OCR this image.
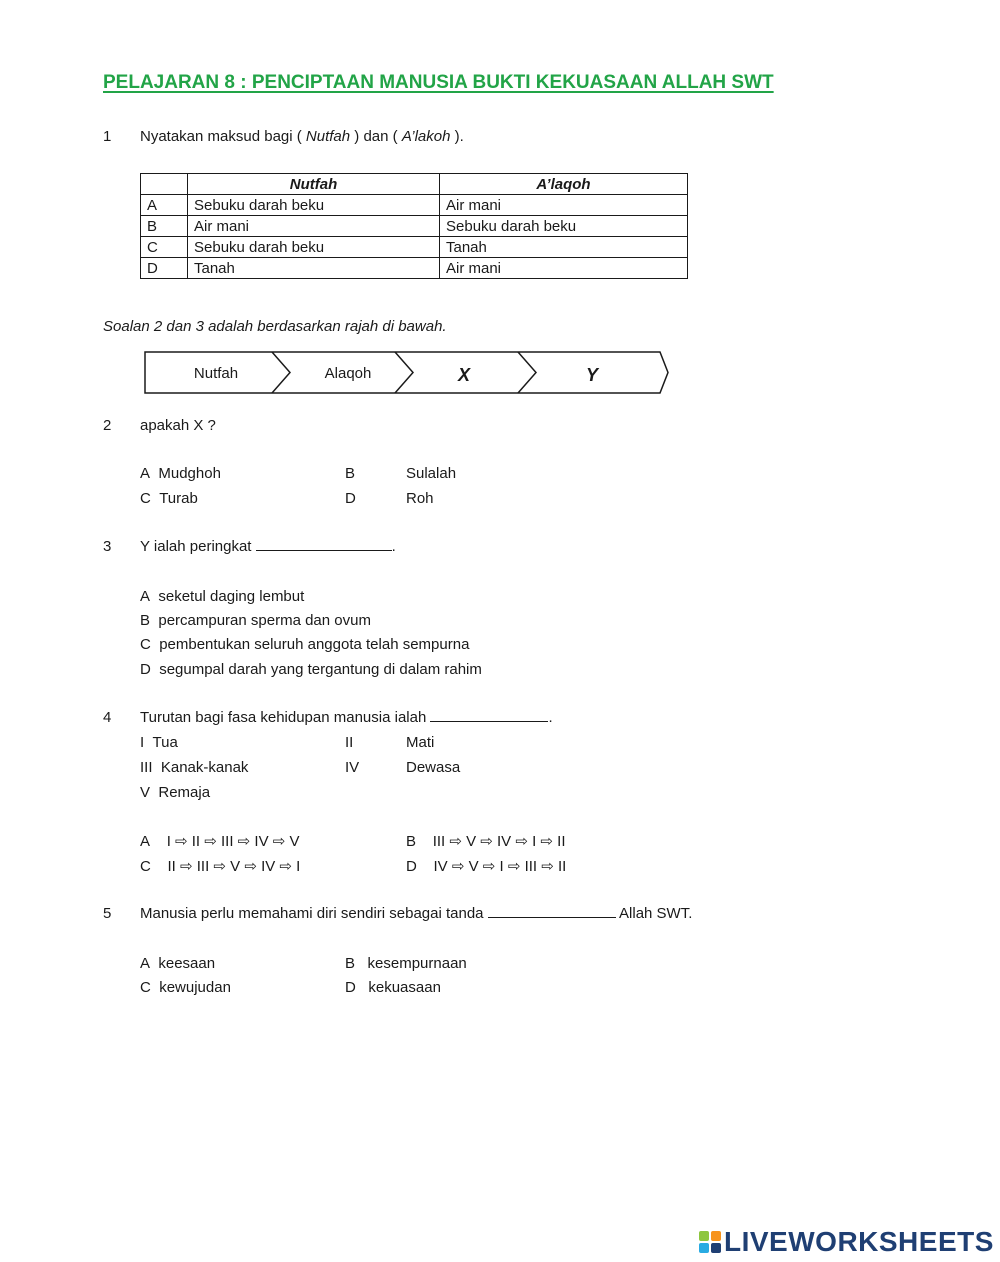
PELAJARAN 8 : PENCIPTAAN MANUSIA BUKTI KEKUASAAN ALLAH SWT
1 Nyatakan maksud bagi ( Nutfah ) dan ( A’lakoh ).
	Nutfah	A’laqoh
A	Sebuku darah beku	Air mani
B	Air mani	Sebuku darah beku
C	Sebuku darah beku	Tanah
D	Tanah	Air mani
Soalan 2 dan 3 adalah berdasarkan rajah di bawah.
Nutfah	Alaqoh	X	Y
2 apakah X ?
A Mudghoh	B	Sulalah
C Turab	D	Roh
3 Y ialah peringkat	.
A seketul daging lembut
B percampuran sperma dan ovum
C pembentukan seluruh anggota telah sempurna
D segumpal darah yang tergantung di dalam rahim
4 Turutan bagi fasa kehidupan manusia ialah	.
I Tua	II	Mati
III Kanak-kanak	IV	Dewasa
V Remaja
A I ⇨ II ⇨ III ⇨ IV ⇨ V	B III ⇨ V ⇨ IV ⇨ I ⇨ II
C II ⇨ III ⇨ V ⇨ IV ⇨ I	D IV ⇨ V ⇨ I ⇨ III ⇨ II
5 Manusia perlu memahami diri sendiri sebagai tanda	Allah SWT.
A keesaan	B kesempurnaan
C kewujudan	D kekuasaan
LIVEWORKSHEETS
